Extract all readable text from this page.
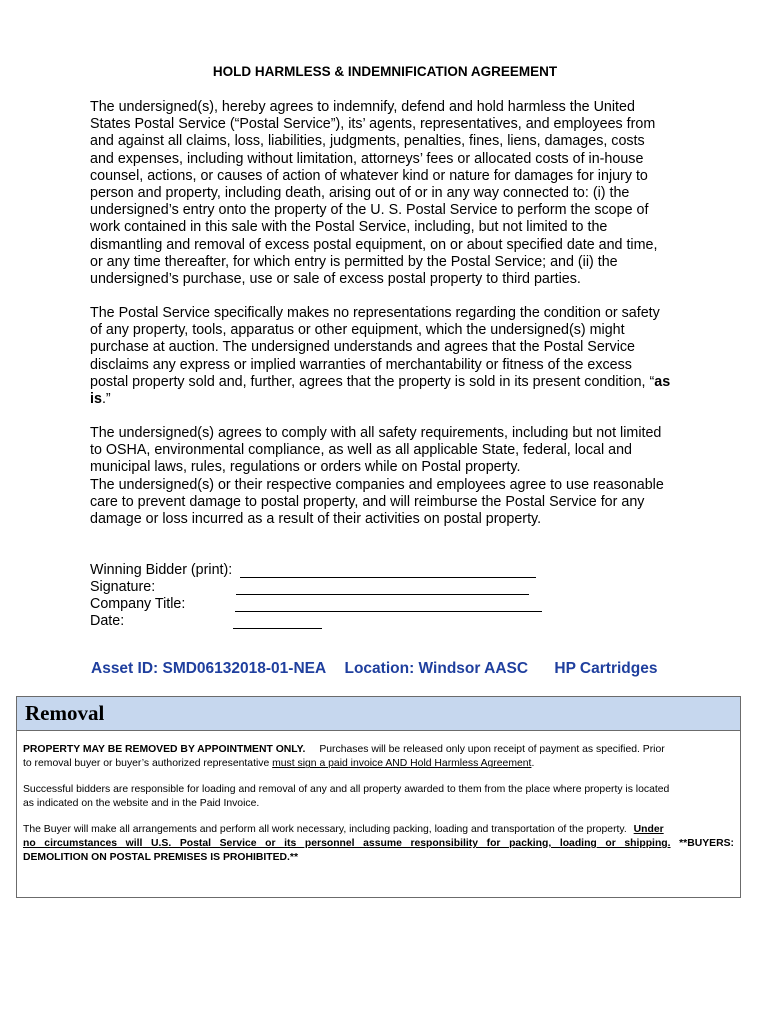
HOLD HARMLESS & INDEMNIFICATION AGREEMENT

The undersigned(s), hereby agrees to indemnify, defend and hold harmless the United
States Postal Service (“Postal Service”), its’ agents, representatives, and employees from
and against all claims, loss, liabilities, judgments, penalties, fines, liens, damages, costs
and expenses, including without limitation, attorneys’ fees or allocated costs of in-house
counsel, actions, or causes of action of whatever kind or nature for damages for injury to
person and property, including death, arising out of or in any way connected to: (i) the
undersigned’s entry onto the property of the U. S. Postal Service to perform the scope of
work contained in this sale with the Postal Service, including, but not limited to the
dismantling and removal of excess postal equipment, on or about specified date and time,
or any time thereafter, for which entry is permitted by the Postal Service; and (ii) the
undersigned’s purchase, use or sale of excess postal property to third parties.

The Postal Service specifically makes no representations regarding the condition or safety
of any property, tools, apparatus or other equipment, which the undersigned(s) might
purchase at auction. The undersigned understands and agrees that the Postal Service
disclaims any express or implied warranties of merchantability or fitness of the excess
postal property sold and, further, agrees that the property is sold in its present condition, “as
is.”

The undersigned(s) agrees to comply with all safety requirements, including but not limited
to OSHA, environmental compliance, as well as all applicable State, federal, local and
municipal laws, rules, regulations or orders while on Postal property.
The undersigned(s) or their respective companies and employees agree to use reasonable
care to prevent damage to postal property, and will reimburse the Postal Service for any
damage or loss incurred as a result of their activities on postal property.

Winning Bidder (print):
Signature:
Company Title:
Date:
Asset ID: SMD06132018-01-NEA Location: Windsor AASC HP Cartridges
Removal

PROPERTY MAY BE REMOVED BY APPOINTMENT ONLY. Purchases will be released only upon receipt of payment as specified. Prior
to removal buyer or buyer’s authorized representative must sign a paid invoice AND Hold Harmless Agreement.

Successful bidders are responsible for loading and removal of any and all property awarded to them from the place where property is located
as indicated on the website and in the Paid Invoice.

The Buyer will make all arrangements and perform all work necessary, including packing, loading and transportation of the property. Under
no circumstances will U.S. Postal Service or its personnel assume responsibility for packing, loading or shipping. **BUYERS:
DEMOLITION ON POSTAL PREMISES IS PROHIBITED.**
